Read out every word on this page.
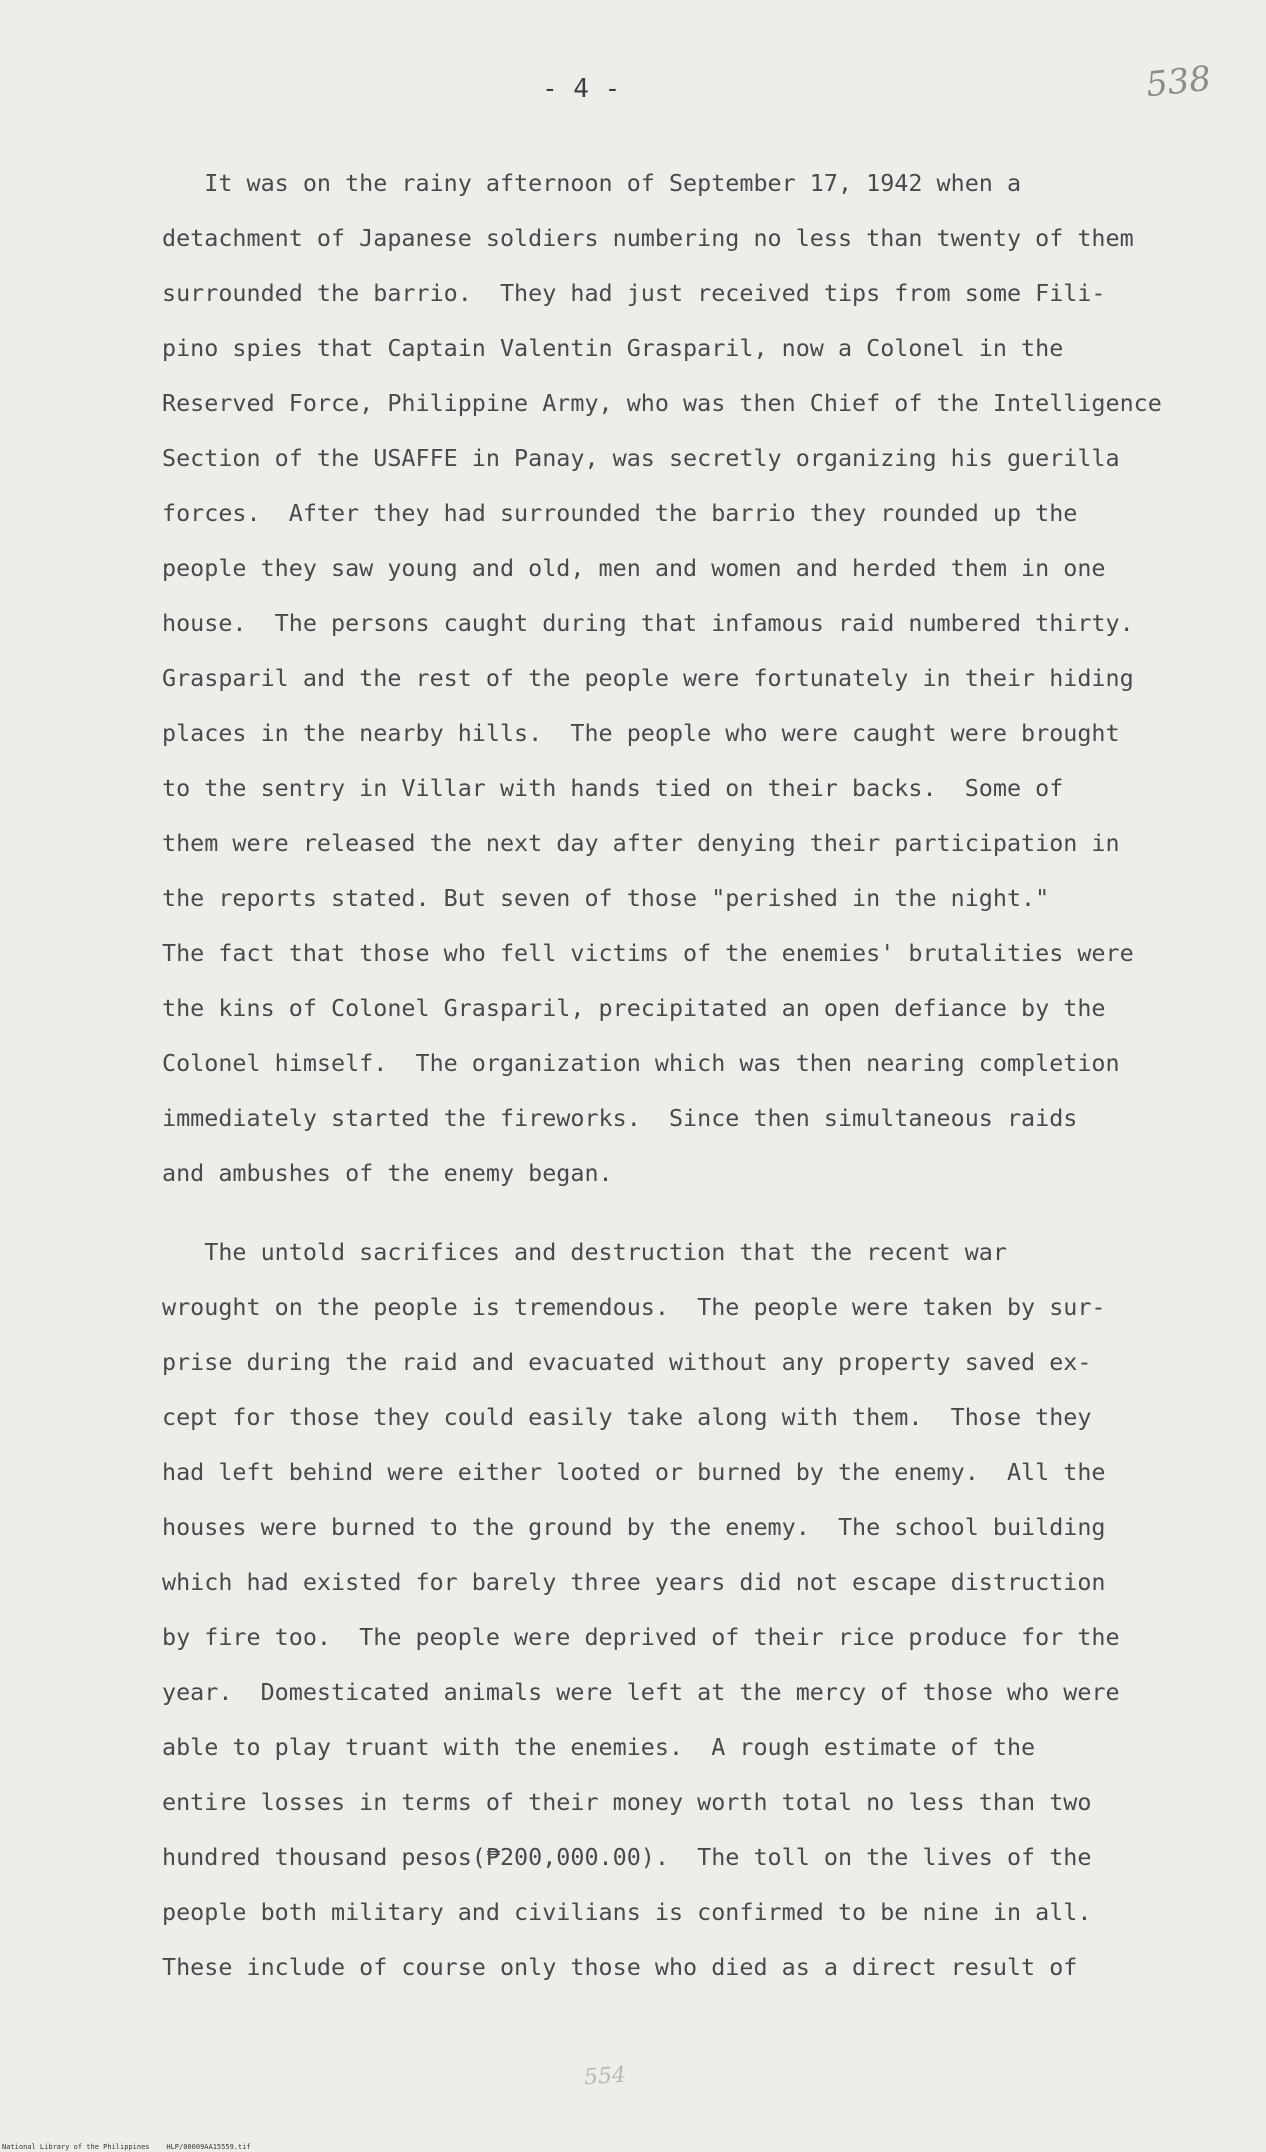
- 4 -	538
It was on the rainy afternoon of September 17, 1942 when a
detachment of Japanese soldiers numbering no less than twenty of them
surrounded the barrio.  They had just received tips from some Fili-
pino spies that Captain Valentin Grasparil, now a Colonel in the
Reserved Force, Philippine Army, who was then Chief of the Intelligence
Section of the USAFFE in Panay, was secretly organizing his guerilla
forces.  After they had surrounded the barrio they rounded up the
people they saw young and old, men and women and herded them in one
house.  The persons caught during that infamous raid numbered thirty.
Grasparil and the rest of the people were fortunately in their hiding
places in the nearby hills.  The people who were caught were brought
to the sentry in Villar with hands tied on their backs.  Some of
them were released the next day after denying their participation in
the reports stated. But seven of those "perished in the night."
The fact that those who fell victims of the enemies' brutalities were
the kins of Colonel Grasparil, precipitated an open defiance by the
Colonel himself.  The organization which was then nearing completion
immediately started the fireworks.  Since then simultaneous raids
and ambushes of the enemy began.
The untold sacrifices and destruction that the recent war
wrought on the people is tremendous.  The people were taken by sur-
prise during the raid and evacuated without any property saved ex-
cept for those they could easily take along with them.  Those they
had left behind were either looted or burned by the enemy.  All the
houses were burned to the ground by the enemy.  The school building
which had existed for barely three years did not escape distruction
by fire too.  The people were deprived of their rice produce for the
year.  Domesticated animals were left at the mercy of those who were
able to play truant with the enemies.  A rough estimate of the
entire losses in terms of their money worth total no less than two
hundred thousand pesos(₱200,000.00).  The toll on the lives of the
people both military and civilians is confirmed to be nine in all.
These include of course only those who died as a direct result of
554
National Library of the Philippines    HLP/00009AA15559.tif
